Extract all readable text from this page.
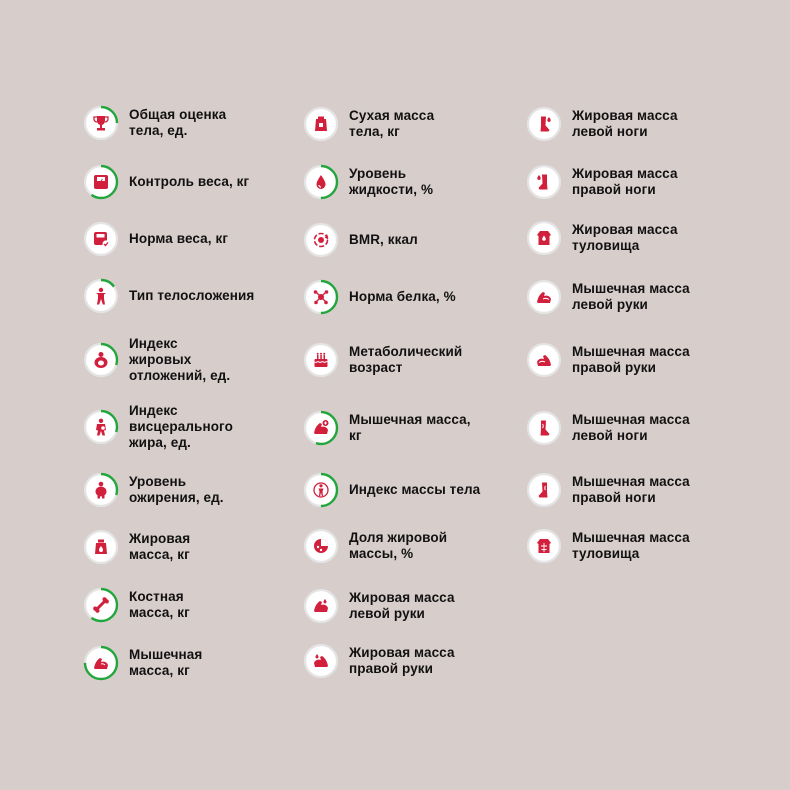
Общая оценка
тела, ед.
Контроль веса, кг
Норма веса, кг
Тип телосложения
Индекс
жировых
отложений, ед.
Индекс
висцерального
жира, ед.
Уровень
ожирения, ед.
Жировая
масса, кг
Костная
масса, кг
Мышечная
масса, кг
Сухая масса
тела, кг
Уровень
жидкости, %
BMR, ккал
Норма белка, %
Метаболический
возраст
Мышечная масса,
кг
Индекс массы тела
Доля жировой
массы, %
Жировая масса
левой руки
Жировая масса
правой руки
Жировая масса
левой ноги
Жировая масса
правой ноги
Жировая масса
туловища
Мышечная масса
левой руки
Мышечная масса
правой руки
Мышечная масса
левой ноги
Мышечная масса
правой ноги
Мышечная масса
туловища
